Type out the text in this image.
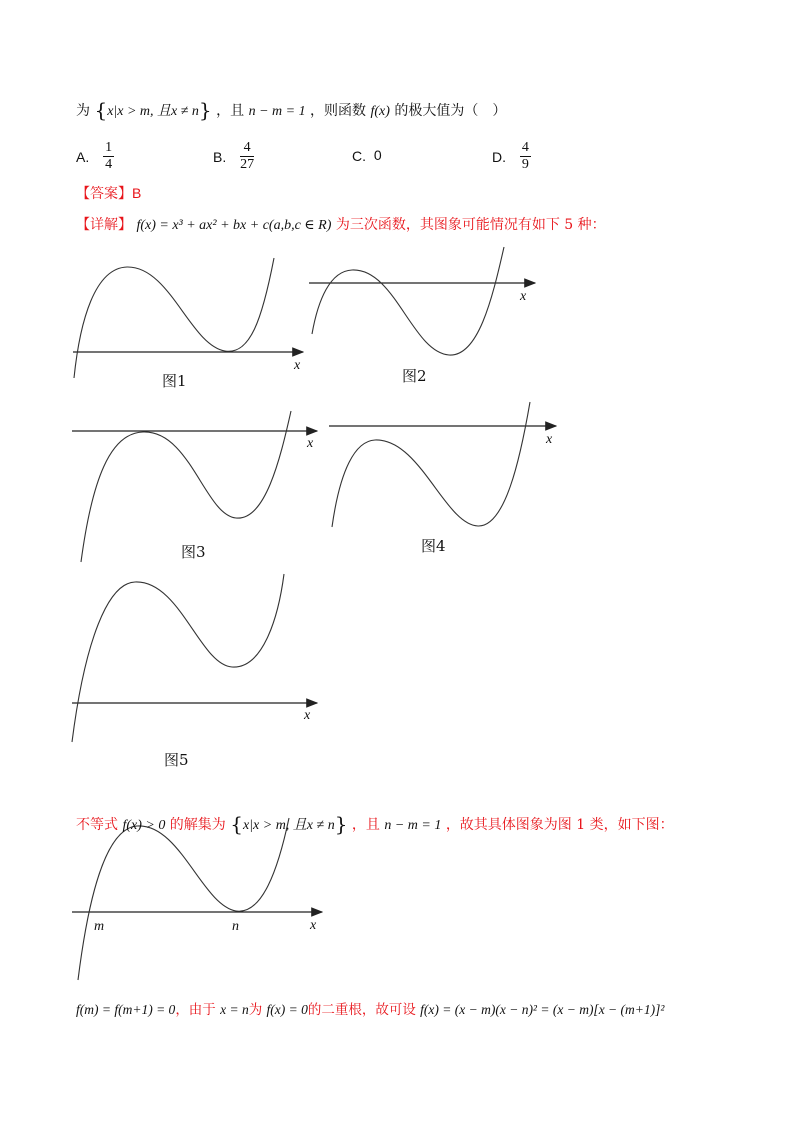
为 {x|x > m, 且x ≠ n} ，且 n − m = 1 ，则函数 f(x) 的极大值为（　）
A. $\frac{1}{4}$	B. $\frac{4}{27}$	C. 0	D. $\frac{4}{9}$
【答案】B
【详解】 f(x) = x³ + ax² + bx + c(a,b,c ∈ R) 为三次函数，其图象可能情况有如下 5 种：
x
图1
x
图2
x
图3
x
图4
x
图5
m	n	x
不等式 f(x) > 0 的解集为 {x|x > m, 且x ≠ n} ，且 n − m = 1 ，故其具体图象为图 1 类，如下图：
f(m) = f(m+1) = 0，由于 x = n为 f(x) = 0的二重根，故可设 f(x) = (x − m)(x − n)² = (x − m)[x − (m+1)]²
